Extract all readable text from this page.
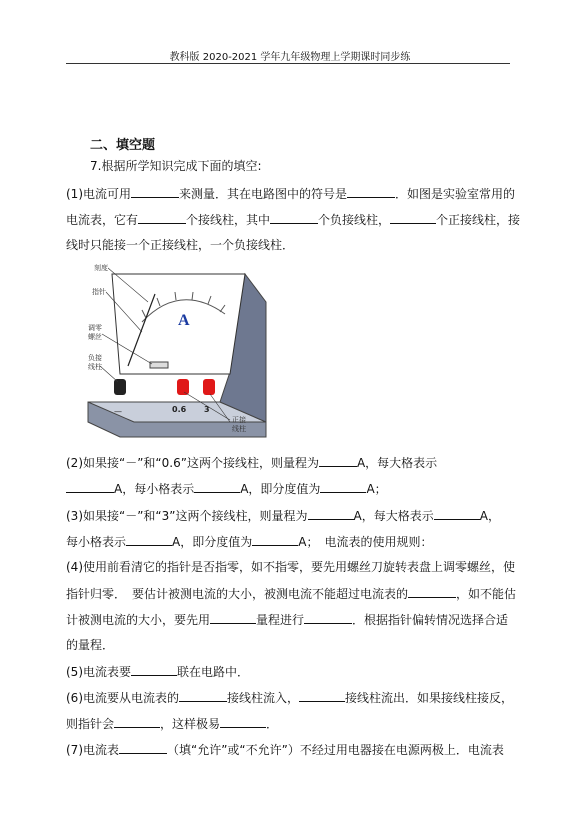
教科版 2020-2021 学年九年级物理上学期课时同步练
二、填空题
7.根据所学知识完成下面的填空:
(1)电流可用	来测量．其在电路图中的符号是	．如图是实验室常用的
电流表，它有	个接线柱，其中	个负接线柱，	个正接线柱，接
线时只能接一个正接线柱，一个负接线柱．
A
—	0.6 3
刻度
指针
调零
螺丝
负接
线柱
正接
线柱
(2)如果接“－”和“0.6”这两个接线柱，则量程为	A，每大格表示
A，每小格表示	A，即分度值为	A；
(3)如果接“－”和“3”这两个接线柱，则量程为	A，每大格表示	A，
每小格表示	A，即分度值为	A；　电流表的使用规则：
(4)使用前看清它的指针是否指零，如不指零，要先用螺丝刀旋转表盘上调零螺丝，使
指针归零．　要估计被测电流的大小，被测电流不能超过电流表的	，如不能估
计被测电流的大小，要先用	量程进行	．根据指针偏转情况选择合适
的量程．
(5)电流表要	联在电路中．
(6)电流要从电流表的	接线柱流入，	接线柱流出．如果接线柱接反，
则指针会	，这样极易	．
(7)电流表	（填“允许”或“不允许”）不经过用电器接在电源两极上．电流表
